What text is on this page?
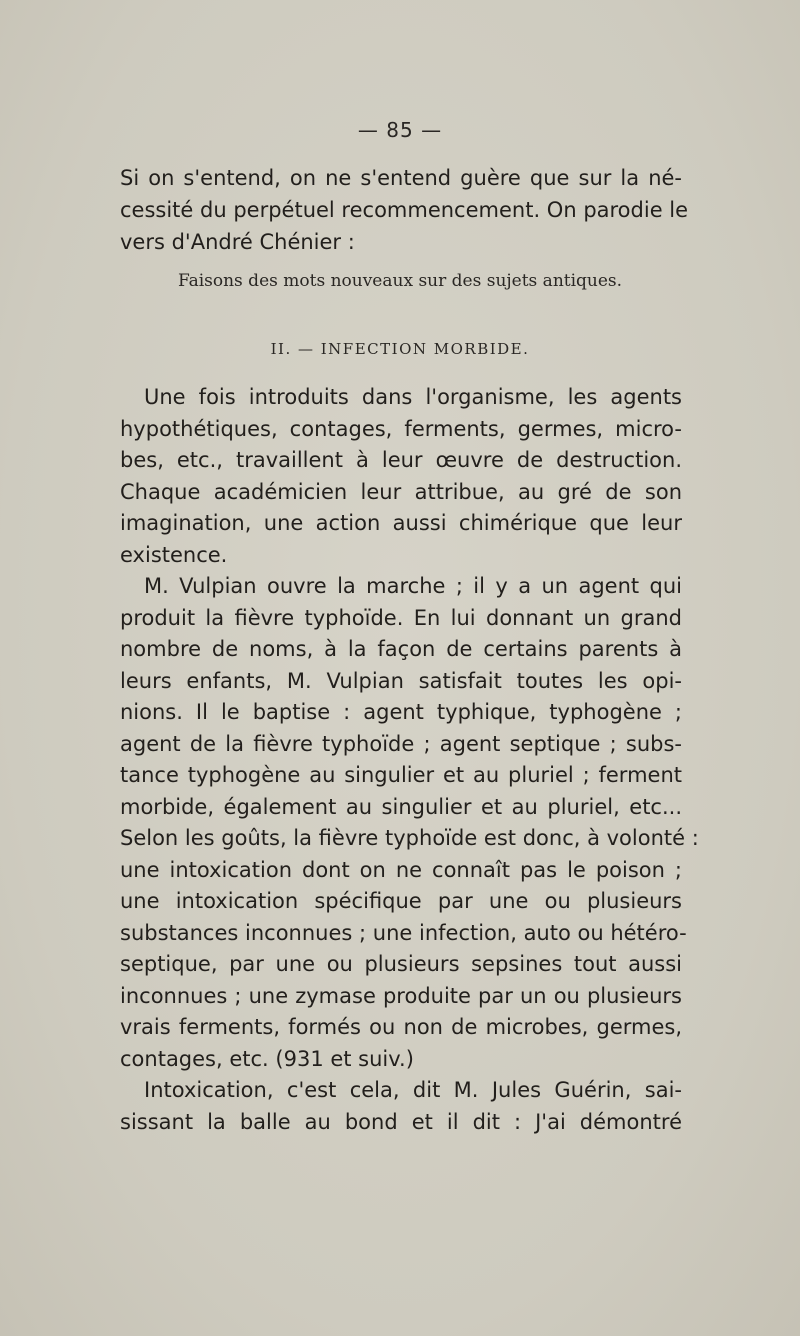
— 85 —
Si on s'entend, on ne s'entend guère que sur la né-
cessité du perpétuel recommencement. On parodie le
vers d'André Chénier :
Faisons des mots nouveaux sur des sujets antiques.
II. — INFECTION MORBIDE.
Une fois introduits dans l'organisme, les agents
hypothétiques, contages, ferments, germes, micro-
bes, etc., travaillent à leur œuvre de destruction.
Chaque académicien leur attribue, au gré de son
imagination, une action aussi chimérique que leur
existence.
M. Vulpian ouvre la marche ; il y a un agent qui
produit la fièvre typhoïde. En lui donnant un grand
nombre de noms, à la façon de certains parents à
leurs enfants, M. Vulpian satisfait toutes les opi-
nions. Il le baptise : agent typhique, typhogène ;
agent de la fièvre typhoïde ; agent septique ; subs-
tance typhogène au singulier et au pluriel ; ferment
morbide, également au singulier et au pluriel, etc...
Selon les goûts, la fièvre typhoïde est donc, à volonté :
une intoxication dont on ne connaît pas le poison ;
une intoxication spécifique par une ou plusieurs
substances inconnues ; une infection, auto ou hétéro-
septique, par une ou plusieurs sepsines tout aussi
inconnues ; une zymase produite par un ou plusieurs
vrais ferments, formés ou non de microbes, germes,
contages, etc. (931 et suiv.)
Intoxication, c'est cela, dit M. Jules Guérin, sai-
sissant la balle au bond et il dit : J'ai démontré
